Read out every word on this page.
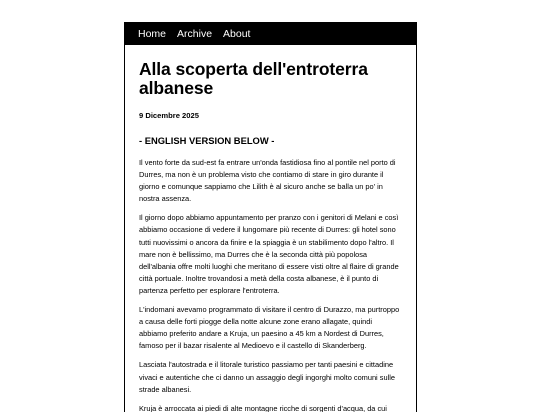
Home Archive About
Alla scoperta dell'entroterra albanese
9 Dicembre 2025
- ENGLISH VERSION BELOW -

Il vento forte da sud-est fa entrare un'onda fastidiosa fino al pontile nel porto di Durres, ma non è un problema visto che contiamo di stare in giro durante il giorno e comunque sappiamo che Lilith è al sicuro anche se balla un po' in nostra assenza.

Il giorno dopo abbiamo appuntamento per pranzo con i genitori di Melani e così abbiamo occasione di vedere il lungomare più recente di Durres: gli hotel sono tutti nuovissimi o ancora da finire e la spiaggia è un stabilimento dopo l'altro. Il mare non è bellissimo, ma Durres che è la seconda città più popolosa dell'albania offre molti luoghi che meritano di essere visti oltre al flaire di grande città portuale. Inoltre trovandosi a metà della costa albanese, è il punto di partenza perfetto per esplorare l'entroterra.

L'indomani avevamo programmato di visitare il centro di Durazzo, ma purtroppo a causa delle forti piogge della notte alcune zone erano allagate, quindi abbiamo preferito andare a Kruja, un paesino a 45 km a Nordest di Durres, famoso per il bazar risalente al Medioevo e il castello di Skanderberg.

Lasciata l'autostrada e il litorale turistico passiamo per tanti paesini e cittadine vivaci e autentiche che ci danno un assaggio degli ingorghi molto comuni sulle strade albanesi.

Kruja è arroccata ai piedi di alte montagne ricche di sorgenti d'acqua, da cui
